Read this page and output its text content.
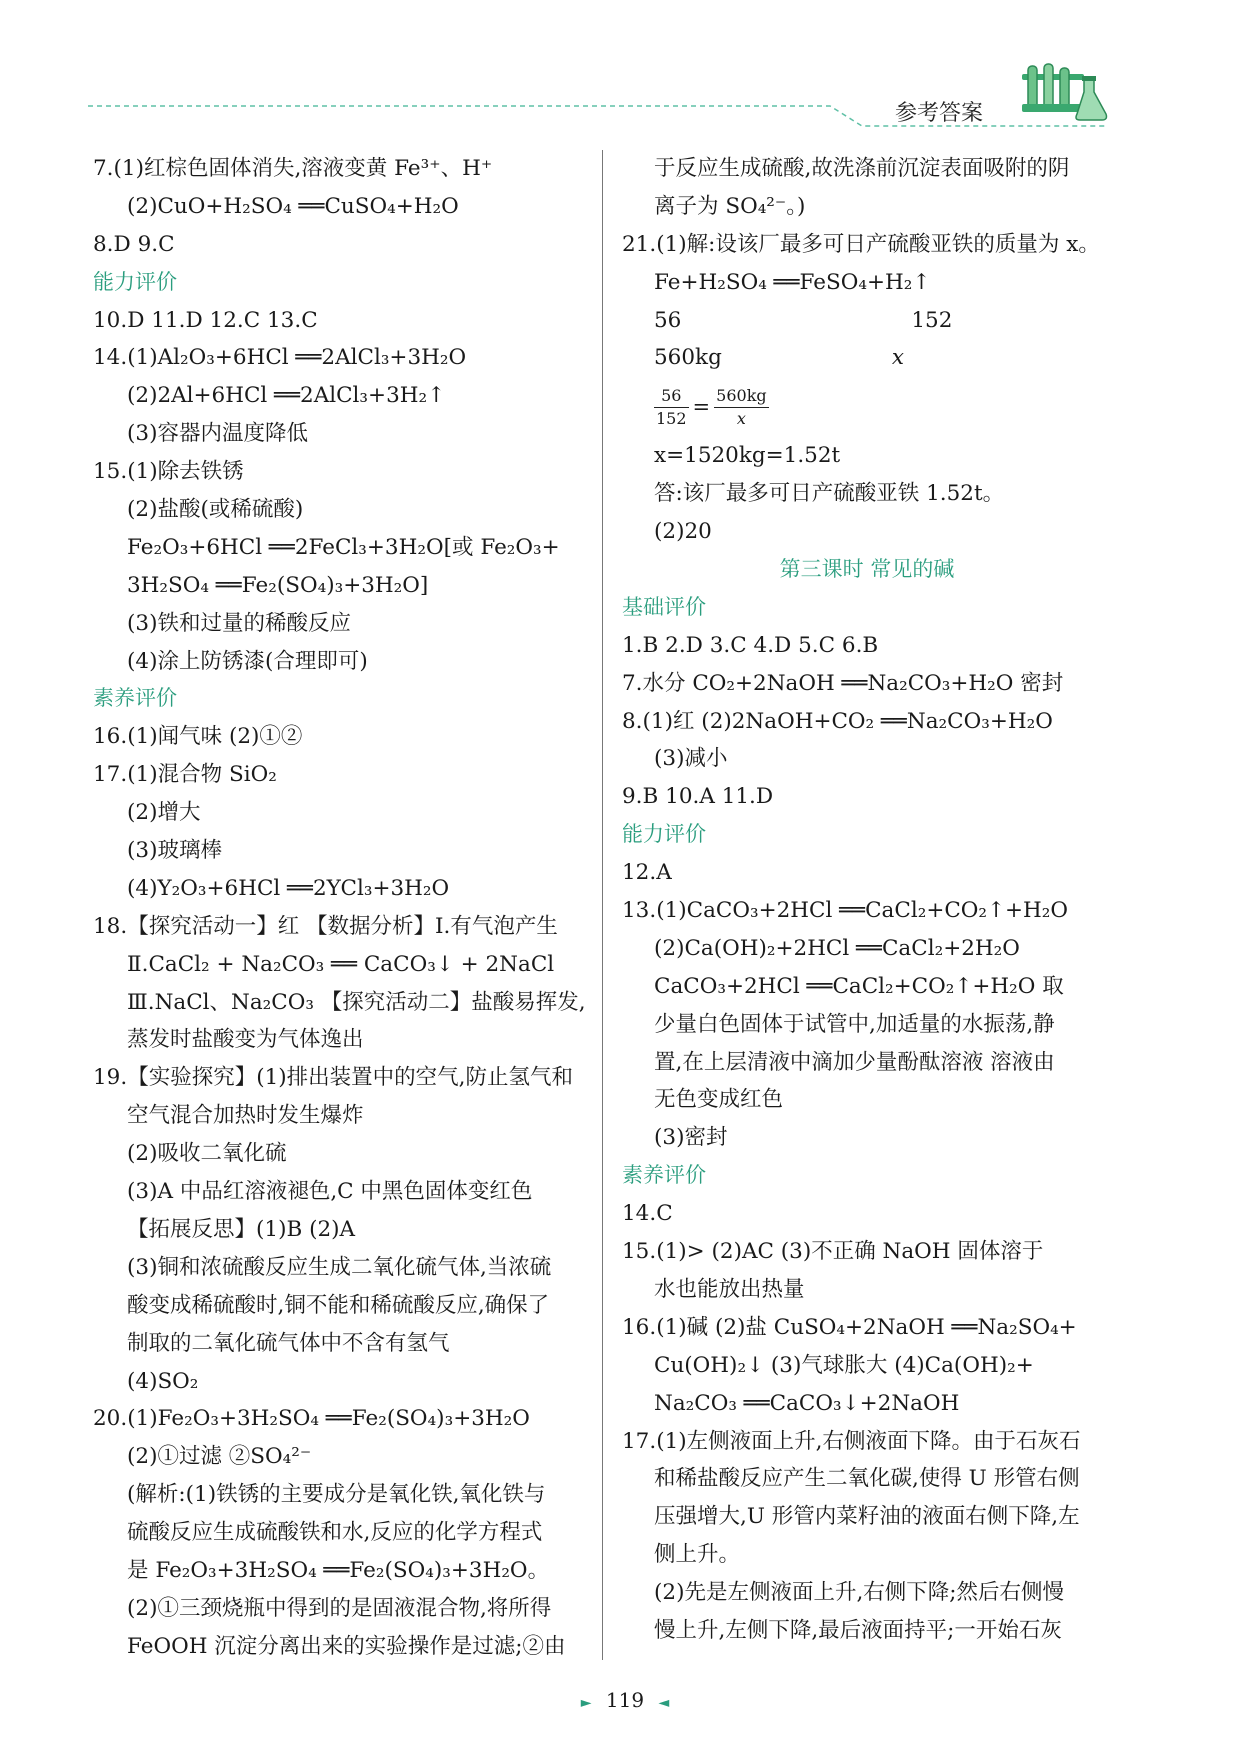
参考答案
7.(1)红棕色固体消失,溶液变黄 Fe³⁺、H⁺
(2)CuO+H₂SO₄ ══CuSO₄+H₂O
8.D 9.C
能力评价
10.D 11.D 12.C 13.C
14.(1)Al₂O₃+6HCl ══2AlCl₃+3H₂O
(2)2Al+6HCl ══2AlCl₃+3H₂↑
(3)容器内温度降低
15.(1)除去铁锈
(2)盐酸(或稀硫酸)
Fe₂O₃+6HCl ══2FeCl₃+3H₂O[或 Fe₂O₃+
3H₂SO₄ ══Fe₂(SO₄)₃+3H₂O]
(3)铁和过量的稀酸反应
(4)涂上防锈漆(合理即可)
素养评价
16.(1)闻气味 (2)①②
17.(1)混合物 SiO₂
(2)增大
(3)玻璃棒
(4)Y₂O₃+6HCl ══2YCl₃+3H₂O
18.【探究活动一】红 【数据分析】Ⅰ.有气泡产生
Ⅱ.CaCl₂ + Na₂CO₃ ══ CaCO₃↓ + 2NaCl
Ⅲ.NaCl、Na₂CO₃ 【探究活动二】盐酸易挥发,
蒸发时盐酸变为气体逸出
19.【实验探究】(1)排出装置中的空气,防止氢气和
空气混合加热时发生爆炸
(2)吸收二氧化硫
(3)A 中品红溶液褪色,C 中黑色固体变红色
【拓展反思】(1)B (2)A
(3)铜和浓硫酸反应生成二氧化硫气体,当浓硫
酸变成稀硫酸时,铜不能和稀硫酸反应,确保了
制取的二氧化硫气体中不含有氢气
(4)SO₂
20.(1)Fe₂O₃+3H₂SO₄ ══Fe₂(SO₄)₃+3H₂O
(2)①过滤 ②SO₄²⁻
(解析:(1)铁锈的主要成分是氧化铁,氧化铁与
硫酸反应生成硫酸铁和水,反应的化学方程式
是 Fe₂O₃+3H₂SO₄ ══Fe₂(SO₄)₃+3H₂O。
(2)①三颈烧瓶中得到的是固液混合物,将所得
FeOOH 沉淀分离出来的实验操作是过滤;②由
于反应生成硫酸,故洗涤前沉淀表面吸附的阴
离子为 SO₄²⁻。)
21.(1)解:设该厂最多可日产硫酸亚铁的质量为 x。
Fe+H₂SO₄ ══FeSO₄+H₂↑
56	152
560kg	x
$\frac{56}{152} = \frac{560kg}{x}$
x=1520kg=1.52t
答:该厂最多可日产硫酸亚铁 1.52t。
(2)20
第三课时 常见的碱
基础评价
1.B 2.D 3.C 4.D 5.C 6.B
7.水分 CO₂+2NaOH ══Na₂CO₃+H₂O 密封
8.(1)红 (2)2NaOH+CO₂ ══Na₂CO₃+H₂O
(3)减小
9.B 10.A 11.D
能力评价
12.A
13.(1)CaCO₃+2HCl ══CaCl₂+CO₂↑+H₂O
(2)Ca(OH)₂+2HCl ══CaCl₂+2H₂O
CaCO₃+2HCl ══CaCl₂+CO₂↑+H₂O 取
少量白色固体于试管中,加适量的水振荡,静
置,在上层清液中滴加少量酚酞溶液 溶液由
无色变成红色
(3)密封
素养评价
14.C
15.(1)> (2)AC (3)不正确 NaOH 固体溶于
水也能放出热量
16.(1)碱 (2)盐 CuSO₄+2NaOH ══Na₂SO₄+
Cu(OH)₂↓ (3)气球胀大 (4)Ca(OH)₂+
Na₂CO₃ ══CaCO₃↓+2NaOH
17.(1)左侧液面上升,右侧液面下降。由于石灰石
和稀盐酸反应产生二氧化碳,使得 U 形管右侧
压强增大,U 形管内菜籽油的液面右侧下降,左
侧上升。
(2)先是左侧液面上升,右侧下降;然后右侧慢
慢上升,左侧下降,最后液面持平;一开始石灰
► 119 ◄
